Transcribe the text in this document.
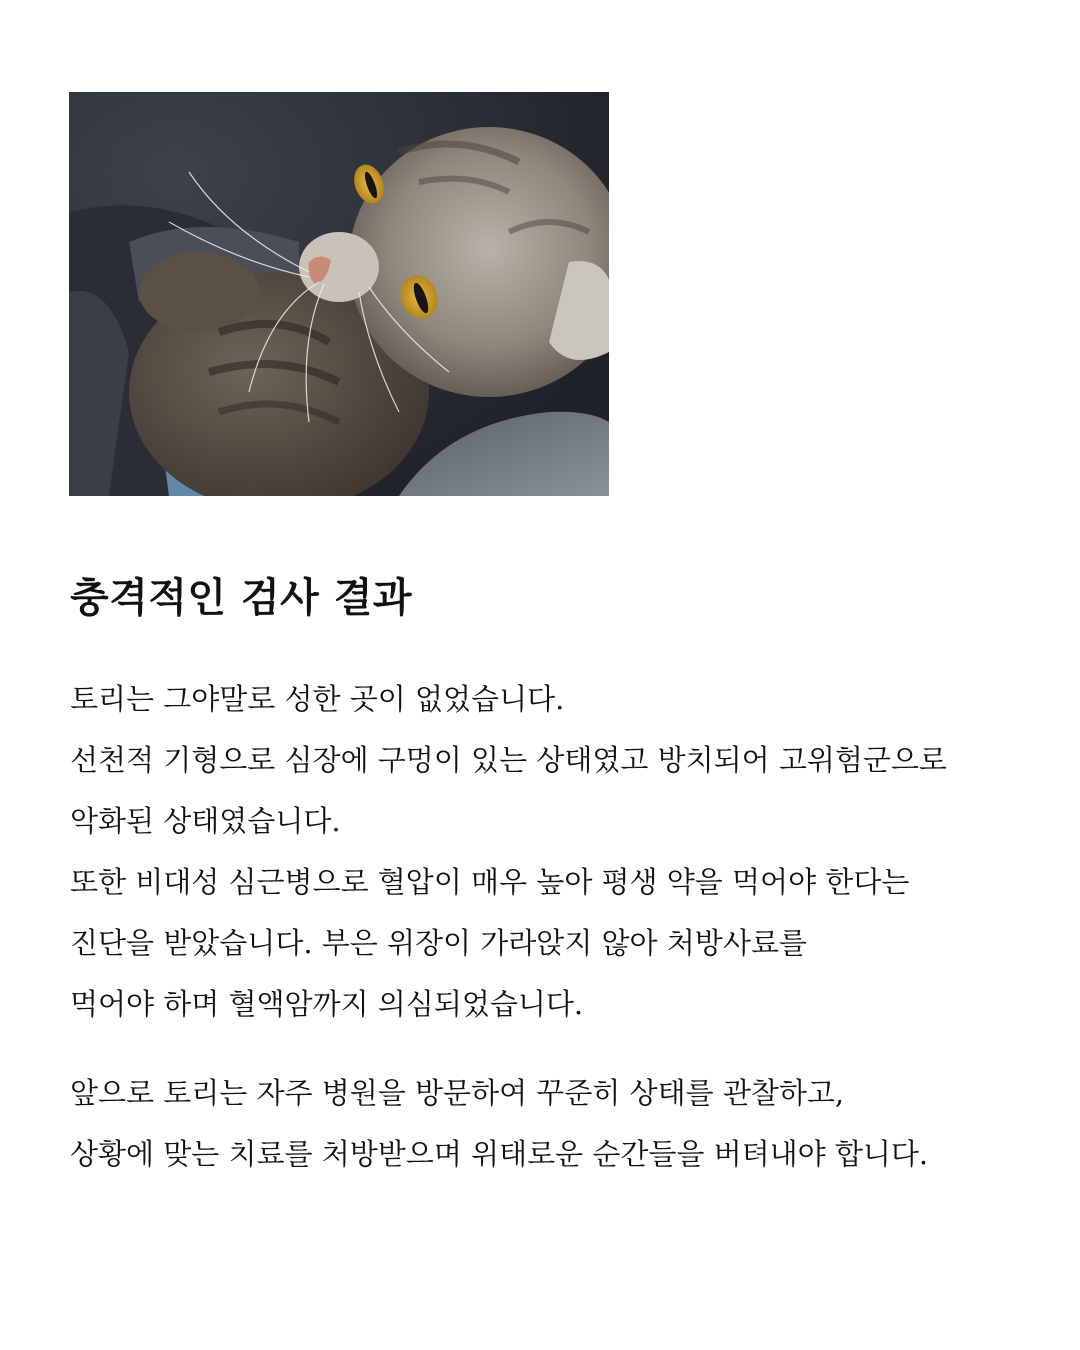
충격적인 검사 결과

토리는 그야말로 성한 곳이 없었습니다.
선천적 기형으로 심장에 구멍이 있는 상태였고 방치되어 고위험군으로
악화된 상태였습니다.
또한 비대성 심근병으로 혈압이 매우 높아 평생 약을 먹어야 한다는
진단을 받았습니다. 부은 위장이 가라앉지 않아 처방사료를
먹어야 하며 혈액암까지 의심되었습니다.

앞으로 토리는 자주 병원을 방문하여 꾸준히 상태를 관찰하고,
상황에 맞는 치료를 처방받으며 위태로운 순간들을 버텨내야 합니다.
